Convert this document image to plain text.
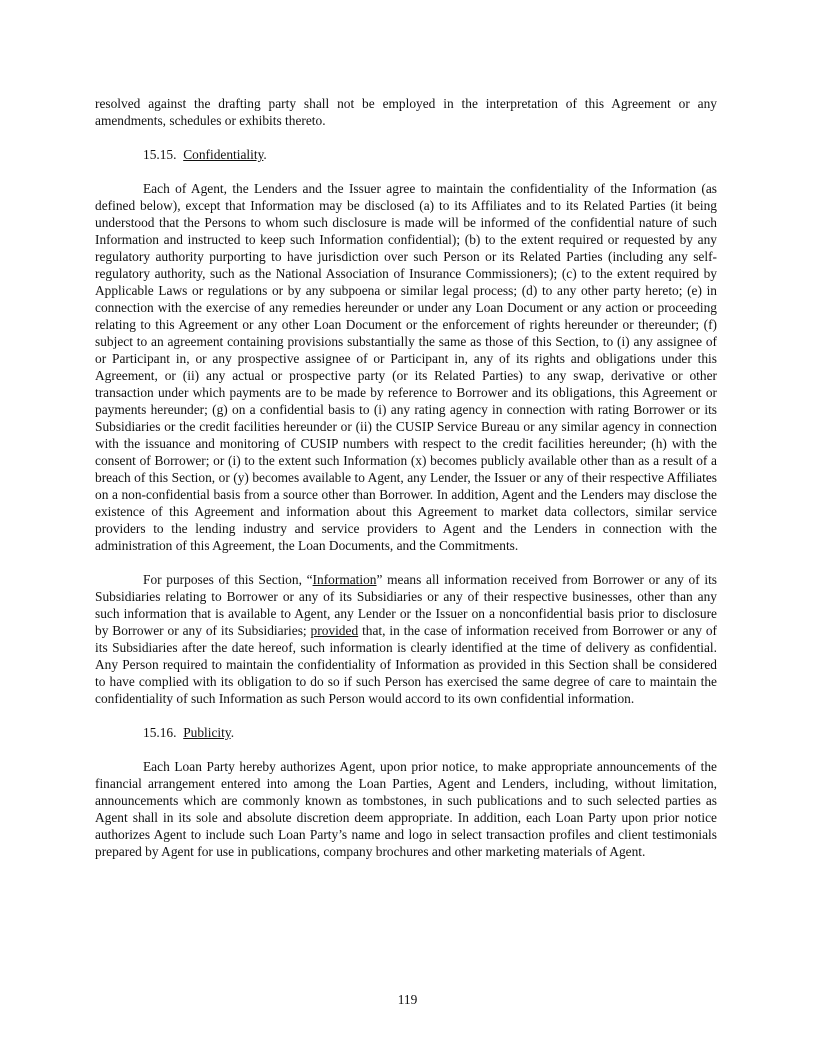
resolved against the drafting party shall not be employed in the interpretation of this Agreement or any amendments, schedules or exhibits thereto.

15.15. Confidentiality.

Each of Agent, the Lenders and the Issuer agree to maintain the confidentiality of the Information (as defined below), except that Information may be disclosed (a) to its Affiliates and to its Related Parties (it being understood that the Persons to whom such disclosure is made will be informed of the confidential nature of such Information and instructed to keep such Information confidential); (b) to the extent required or requested by any regulatory authority purporting to have jurisdiction over such Person or its Related Parties (including any self-regulatory authority, such as the National Association of Insurance Commissioners); (c) to the extent required by Applicable Laws or regulations or by any subpoena or similar legal process; (d) to any other party hereto; (e) in connection with the exercise of any remedies hereunder or under any Loan Document or any action or proceeding relating to this Agreement or any other Loan Document or the enforcement of rights hereunder or thereunder; (f) subject to an agreement containing provisions substantially the same as those of this Section, to (i) any assignee of or Participant in, or any prospective assignee of or Participant in, any of its rights and obligations under this Agreement, or (ii) any actual or prospective party (or its Related Parties) to any swap, derivative or other transaction under which payments are to be made by reference to Borrower and its obligations, this Agreement or payments hereunder; (g) on a confidential basis to (i) any rating agency in connection with rating Borrower or its Subsidiaries or the credit facilities hereunder or (ii) the CUSIP Service Bureau or any similar agency in connection with the issuance and monitoring of CUSIP numbers with respect to the credit facilities hereunder; (h) with the consent of Borrower; or (i) to the extent such Information (x) becomes publicly available other than as a result of a breach of this Section, or (y) becomes available to Agent, any Lender, the Issuer or any of their respective Affiliates on a non-confidential basis from a source other than Borrower. In addition, Agent and the Lenders may disclose the existence of this Agreement and information about this Agreement to market data collectors, similar service providers to the lending industry and service providers to Agent and the Lenders in connection with the administration of this Agreement, the Loan Documents, and the Commitments.

For purposes of this Section, “Information” means all information received from Borrower or any of its Subsidiaries relating to Borrower or any of its Subsidiaries or any of their respective businesses, other than any such information that is available to Agent, any Lender or the Issuer on a nonconfidential basis prior to disclosure by Borrower or any of its Subsidiaries; provided that, in the case of information received from Borrower or any of its Subsidiaries after the date hereof, such information is clearly identified at the time of delivery as confidential. Any Person required to maintain the confidentiality of Information as provided in this Section shall be considered to have complied with its obligation to do so if such Person has exercised the same degree of care to maintain the confidentiality of such Information as such Person would accord to its own confidential information.

15.16. Publicity.

Each Loan Party hereby authorizes Agent, upon prior notice, to make appropriate announcements of the financial arrangement entered into among the Loan Parties, Agent and Lenders, including, without limitation, announcements which are commonly known as tombstones, in such publications and to such selected parties as Agent shall in its sole and absolute discretion deem appropriate. In addition, each Loan Party upon prior notice authorizes Agent to include such Loan Party’s name and logo in select transaction profiles and client testimonials prepared by Agent for use in publications, company brochures and other marketing materials of Agent.

119
